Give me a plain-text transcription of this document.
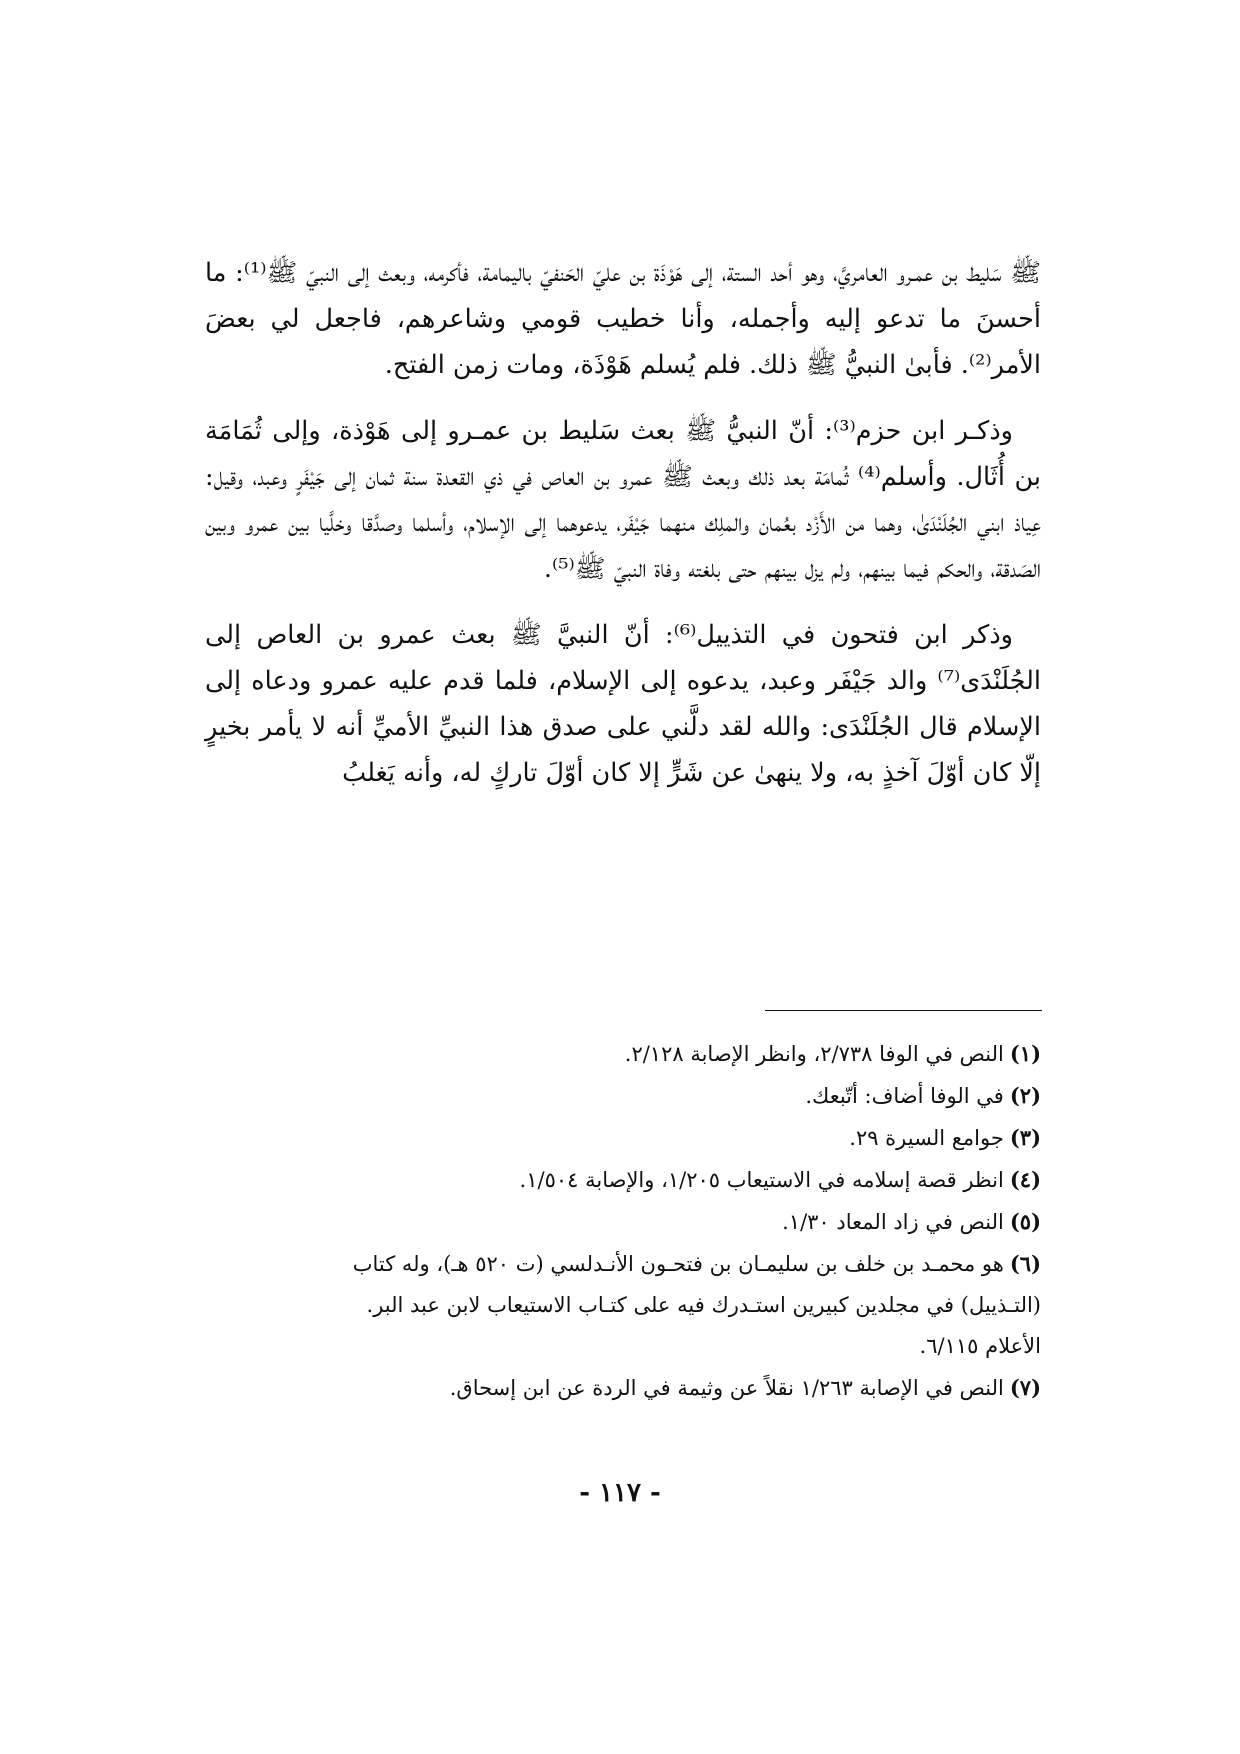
ﷺ سَليط بن عمـرو العامريَّ، وهو أحد الستة، إلى هَوْذَة بن عليّ الحَنفيّ باليمامة، فأكرمه، وبعث إلى النبيّ ﷺ⁽¹⁾: ما أحسنَ ما تدعو إليه وأجمله، وأنا خطيب قومي وشاعرهم، فاجعل لي بعضَ الأمر⁽²⁾. فأبىٰ النبيُّ ﷺ ذلك. فلم يُسلم هَوْذَة، ومات زمن الفتح.

وذكـر ابن حزم⁽³⁾: أنّ النبيُّ ﷺ بعث سَليط بن عمـرو إلى هَوْذة، وإلى ثُمَامَة بن أُثَال. وأسلم⁽⁴⁾ ثُمامَة بعد ذلك وبعث ﷺ عمرو بن العاص في ذي القعدة سنة ثمان إلى جَيْفَرٍ وعبد، وقيل: عِياذ ابني الجُلَنْدَىٰ، وهما من الأَزْد بعُمان والملِك منهما جَيْفَر، يدعوهما إلى الإسلام، وأسلما وصدَّقا وخلَّيا بين عمرو وبين الصَدقة، والحكم فيما بينهم، ولم يزل بينهم حتى بلغته وفاة النبيّ ﷺ⁽⁵⁾.

وذكر ابن فتحون في التذييل⁽⁶⁾: أنّ النبيَّ ﷺ بعث عمرو بن العاص إلى الجُلَنْدَى⁽⁷⁾ والد جَيْفَر وعبد، يدعوه إلى الإسلام، فلما قدم عليه عمرو ودعاه إلى الإسلام قال الجُلَنْدَى: والله لقد دلَّني على صدق هذا النبيِّ الأميِّ أنه لا يأمر بخيرٍ إلّا كان أوّلَ آخذٍ به، ولا ينهىٰ عن شَرٍّ إلا كان أوّلَ تاركٍ له، وأنه يَغلبُ

(١)النص في الوفا ٢/٧٣٨، وانظر الإصابة ٢/١٢٨.
(٢)في الوفا أضاف: أتّبعك.
(٣)جوامع السيرة ٢٩.
(٤)انظر قصة إسلامه في الاستيعاب ١/٢٠٥، والإصابة ١/٥٠٤.
(٥)النص في زاد المعاد ١/٣٠.
(٦)هو محمـد بن خلف بن سليمـان بن فتحـون الأنـدلسي (ت ٥٢٠ هـ)، وله كتاب
(التـذييل) في مجلدين كبيرين استـدرك فيه على كتـاب الاستيعاب لابن عبد البر.
الأعلام ٦/١١٥.
(٧)النص في الإصابة ١/٢٦٣ نقلاً عن وثيمة في الردة عن ابن إسحاق.
- ١١٧ -
